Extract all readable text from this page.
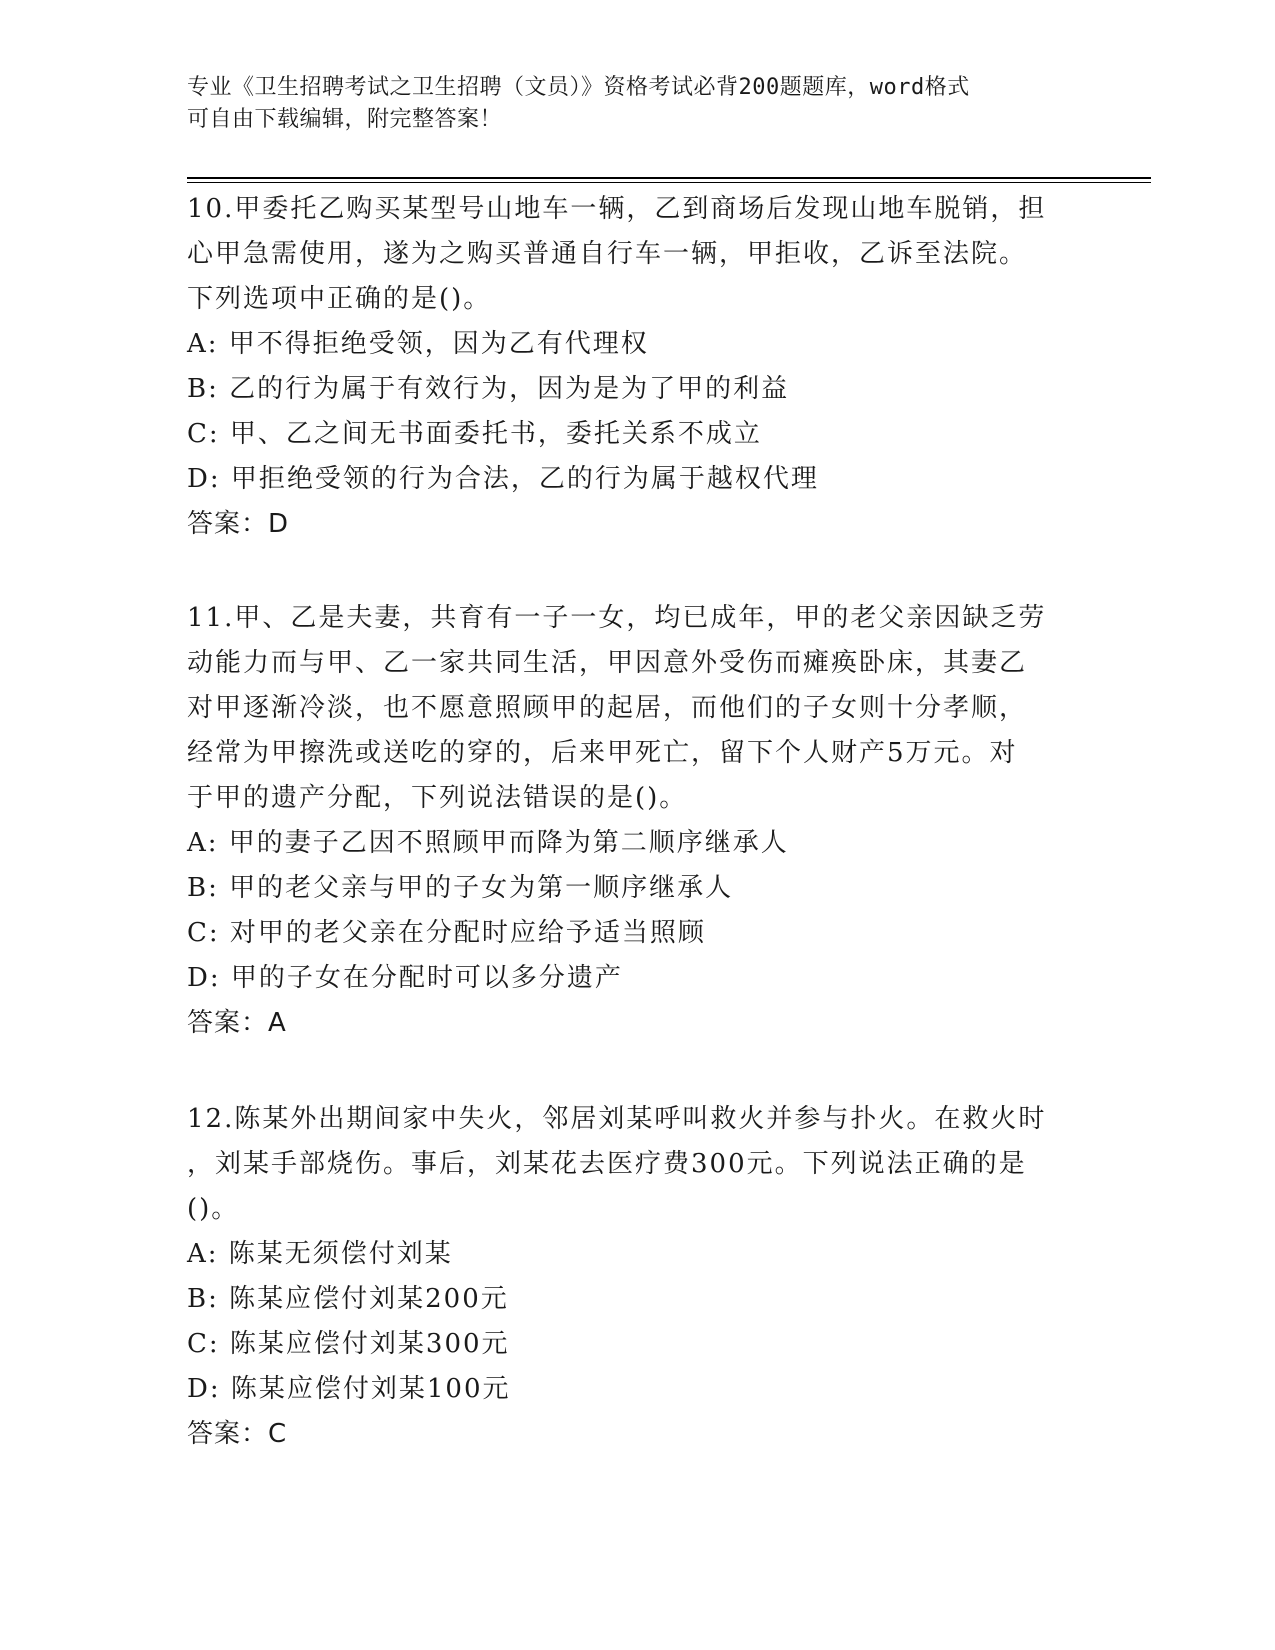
专业《卫生招聘考试之卫生招聘（文员）》资格考试必背200题题库，word格式
可自由下载编辑，附完整答案！
10.甲委托乙购买某型号山地车一辆，乙到商场后发现山地车脱销，担
心甲急需使用，遂为之购买普通自行车一辆，甲拒收，乙诉至法院。
下列选项中正确的是()。
A: 甲不得拒绝受领，因为乙有代理权
B: 乙的行为属于有效行为，因为是为了甲的利益
C: 甲、乙之间无书面委托书，委托关系不成立
D: 甲拒绝受领的行为合法，乙的行为属于越权代理
答案：D
11.甲、乙是夫妻，共育有一子一女，均已成年，甲的老父亲因缺乏劳
动能力而与甲、乙一家共同生活，甲因意外受伤而瘫痪卧床，其妻乙
对甲逐渐冷淡，也不愿意照顾甲的起居，而他们的子女则十分孝顺，
经常为甲擦洗或送吃的穿的，后来甲死亡，留下个人财产5万元。对
于甲的遗产分配，下列说法错误的是()。
A: 甲的妻子乙因不照顾甲而降为第二顺序继承人
B: 甲的老父亲与甲的子女为第一顺序继承人
C: 对甲的老父亲在分配时应给予适当照顾
D: 甲的子女在分配时可以多分遗产
答案：A
12.陈某外出期间家中失火，邻居刘某呼叫救火并参与扑火。在救火时
，刘某手部烧伤。事后，刘某花去医疗费300元。下列说法正确的是
()。
A: 陈某无须偿付刘某
B: 陈某应偿付刘某200元
C: 陈某应偿付刘某300元
D: 陈某应偿付刘某100元
答案：C
